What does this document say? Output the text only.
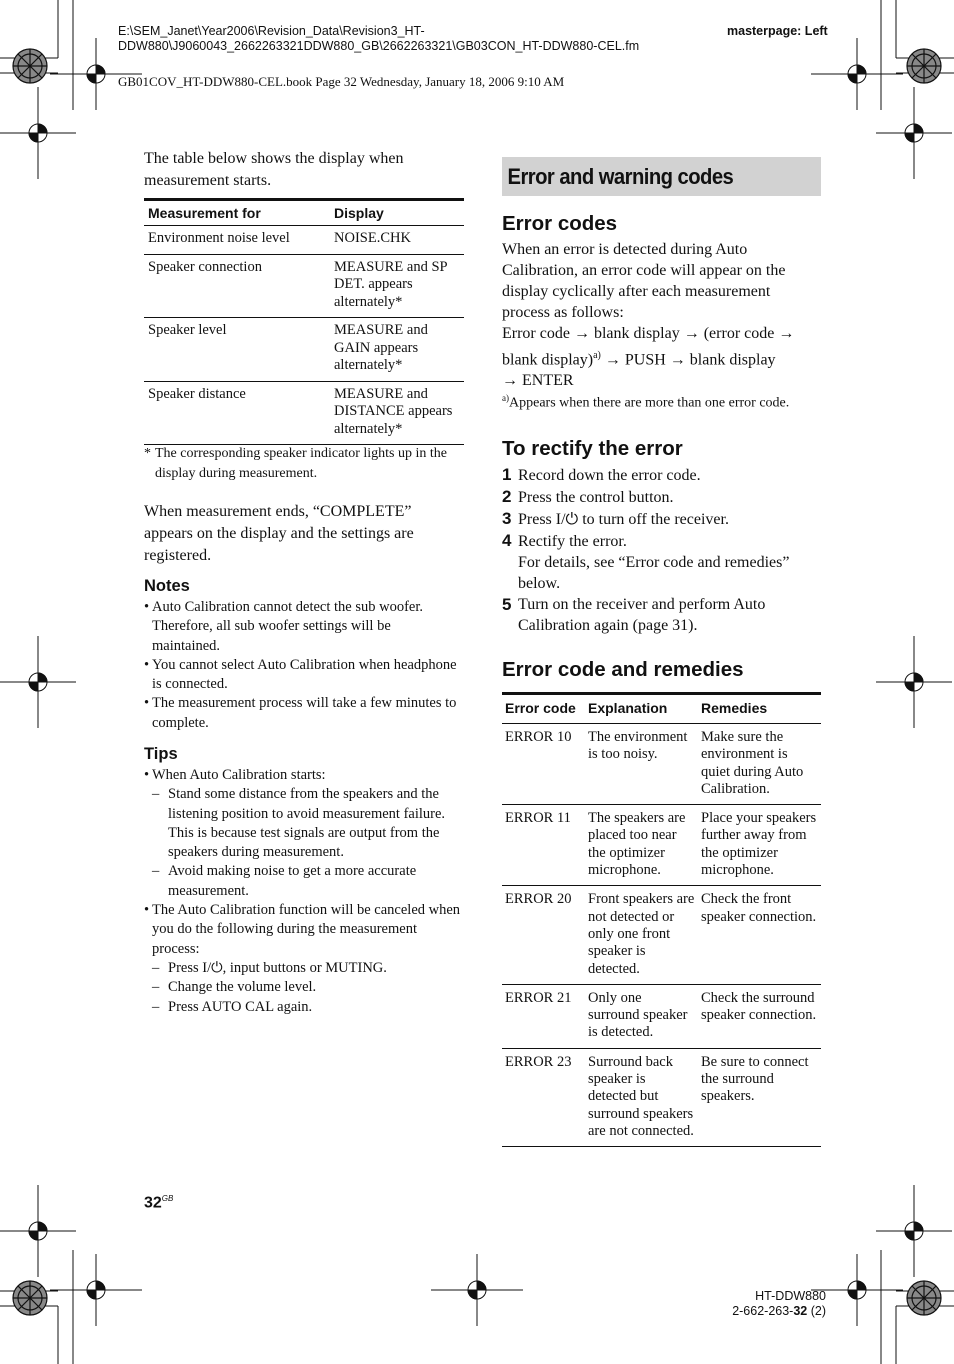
E:\SEM_Janet\Year2006\Revision_Data\Revision3_HT-
DDW880\J9060043_2662263321DDW880_GB\2662263321\GB03CON_HT-DDW880-CEL.fm
masterpage: Left
GB01COV_HT-DDW880-CEL.book Page 32 Wednesday, January 18, 2006 9:10 AM

The table below shows the display when measurement starts.

Measurement for	Display
Environment noise level	NOISE.CHK
Speaker connection	MEASURE and SP DET. appears alternately*
Speaker level	MEASURE and GAIN appears alternately*
Speaker distance	MEASURE and DISTANCE appears alternately*
* The corresponding speaker indicator lights up in the display during measurement.

When measurement ends, “COMPLETE” appears on the display and the settings are registered.

Notes
• Auto Calibration cannot detect the sub woofer. Therefore, all sub woofer settings will be maintained.
• You cannot select Auto Calibration when headphone is connected.
• The measurement process will take a few minutes to complete.
Tips
• When Auto Calibration starts:
– Stand some distance from the speakers and the listening position to avoid measurement failure. This is because test signals are output from the speakers during measurement.
– Avoid making noise to get a more accurate measurement.
• The Auto Calibration function will be canceled when you do the following during the measurement process:
– Press I/⏻, input buttons or MUTING.
– Change the volume level.
– Press AUTO CAL again.
Error and warning codes
Error codes

When an error is detected during Auto Calibration, an error code will appear on the display cyclically after each measurement process as follows:

Error code → blank display → (error code →
blank display)$^{a)}$ → PUSH → blank display
→ ENTER
$^{a)}$Appears when there are more than one error code.
To rectify the error
1 Record down the error code.
2 Press the control button.
3 Press I/⏻ to turn off the receiver.
4 Rectify the error.
For details, see “Error code and remedies” below.
5 Turn on the receiver and perform Auto Calibration again (page 31).
Error code and remedies
Error code	Explanation	Remedies
ERROR 10	The environment is too noisy.	Make sure the environment is quiet during Auto Calibration.
ERROR 11	The speakers are placed too near the optimizer microphone.	Place your speakers further away from the optimizer microphone.
ERROR 20	Front speakers are not detected or only one front speaker is detected.	Check the front speaker connection.
ERROR 21	Only one surround speaker is detected.	Check the surround speaker connection.
ERROR 23	Surround back speaker is detected but surround speakers are not connected.	Be sure to connect the surround speakers.
$32^{GB}$
HT-DDW880
2-662-263-32 (2)
